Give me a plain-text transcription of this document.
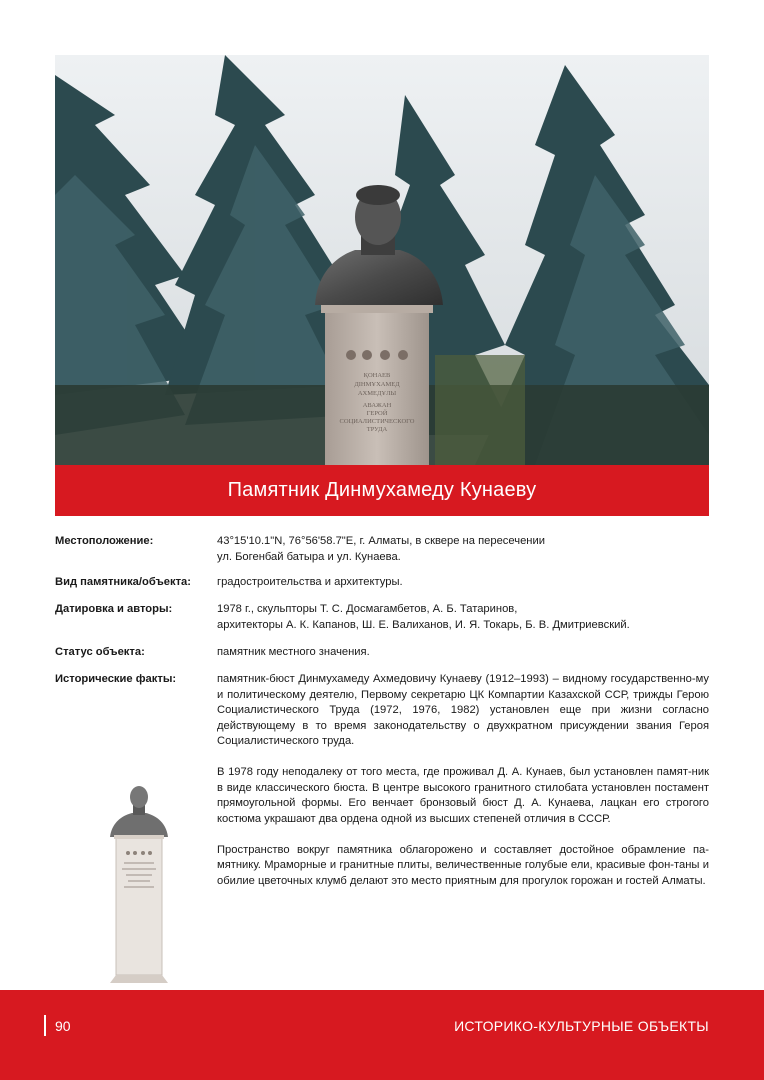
ҚОНАЕВ
ДІНМҰХАМЕД
АХМЕДҰЛЫ
АВАЖАН
ГЕРОЙ
СОЦИАЛИСТИЧЕСКОГО
ТРУДА
Памятник Динмухамеду Кунаеву
Местоположение:	43°15'10.1"N, 76°56'58.7"E, г. Алматы, в сквере на пересечении
ул. Богенбай батыра и ул. Кунаева.
Вид памятника/объекта:	градостроительства и архитектуры.
Датировка и авторы:	1978 г., скульпторы Т. С. Досмагамбетов, А. Б. Татаринов,
архитекторы А. К. Капанов, Ш. Е. Валиханов, И. Я. Токарь, Б. В. Дмитриевский.
Статус объекта:	памятник местного значения.
Исторические факты:	памятник-бюст Динмухамеду Ахмедовичу Кунаеву (1912–1993) – видному государственно-му и политическому деятелю, Первому секретарю ЦК Компартии Казахской ССР, трижды Герою Социалистического Труда (1972, 1976, 1982) установлен еще при жизни согласно действующему в то время законодательству о двухкратном присуждении звания Героя Социалистического труда.

В 1978 году неподалеку от того места, где проживал Д. А. Кунаев, был установлен памят-ник в виде классического бюста. В центре высокого гранитного стилобата установлен постамент прямоугольной формы. Его венчает бронзовый бюст Д. А. Кунаева, лацкан его строгого костюма украшают два ордена одной из высших степеней отличия в СССР.

Пространство вокруг памятника облагорожено и составляет достойное обрамление па-мятнику. Мраморные и гранитные плиты, величественные голубые ели, красивые фон-таны и обилие цветочных клумб делают это место приятным для прогулок горожан и гостей Алматы.

90	ИСТОРИКО-КУЛЬТУРНЫЕ ОБЪЕКТЫ
